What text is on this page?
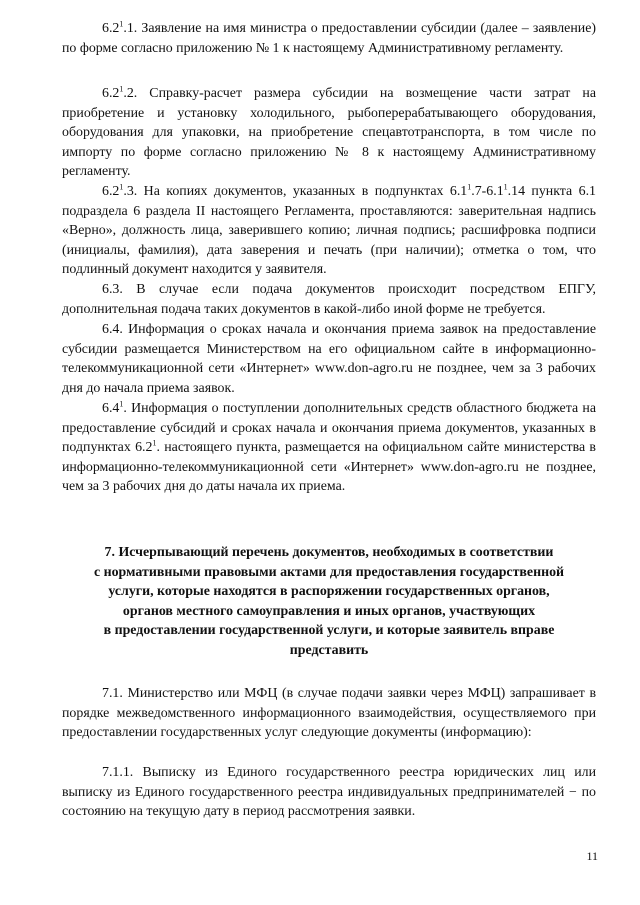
$6.2^1.1$. Заявление на имя министра о предоставлении субсидии (далее – заявление) по форме согласно приложению № 1 к настоящему Административному регламенту.

$6.2^1.2$. Справку-расчет размера субсидии на возмещение части затрат на приобретение и установку холодильного, рыбоперерабатывающего оборудования, оборудования для упаковки, на приобретение спецавтотранспорта, в том числе по импорту по форме согласно приложению № 8 к настоящему Административному регламенту.

$6.2^1.3$. На копиях документов, указанных в подпунктах $6.1^1.7-6.1^1.14$ пункта 6.1 подраздела 6 раздела II настоящего Регламента, проставляются: заверительная надпись «Верно», должность лица, заверившего копию; личная подпись; расшифровка подписи (инициалы, фамилия), дата заверения и печать (при наличии); отметка о том, что подлинный документ находится у заявителя.

6.3. В случае если подача документов происходит посредством ЕПГУ, дополнительная подача таких документов в какой-либо иной форме не требуется.

6.4. Информация о сроках начала и окончания приема заявок на предоставление субсидии размещается Министерством на его официальном сайте в информационно-телекоммуникационной сети «Интернет» www.don-agro.ru не позднее, чем за 3 рабочих дня до начала приема заявок.

$6.4^1$. Информация о поступлении дополнительных средств областного бюджета на предоставление субсидий и сроках начала и окончания приема документов, указанных в подпунктах $6.2^1$. настоящего пункта, размещается на официальном сайте министерства в информационно-телекоммуникационной сети «Интернет» www.don-agro.ru не позднее, чем за 3 рабочих дня до даты начала их приема.

7. Исчерпывающий перечень документов, необходимых в соответствии
с нормативными правовыми актами для предоставления государственной
услуги, которые находятся в распоряжении государственных органов,
органов местного самоуправления и иных органов, участвующих
в предоставлении государственной услуги, и которые заявитель вправе
представить

7.1. Министерство или МФЦ (в случае подачи заявки через МФЦ) запрашивает в порядке межведомственного информационного взаимодействия, осуществляемого при предоставлении государственных услуг следующие документы (информацию):

7.1.1. Выписку из Единого государственного реестра юридических лиц или выписку из Единого государственного реестра индивидуальных предпринимателей − по состоянию на текущую дату в период рассмотрения заявки.

11
